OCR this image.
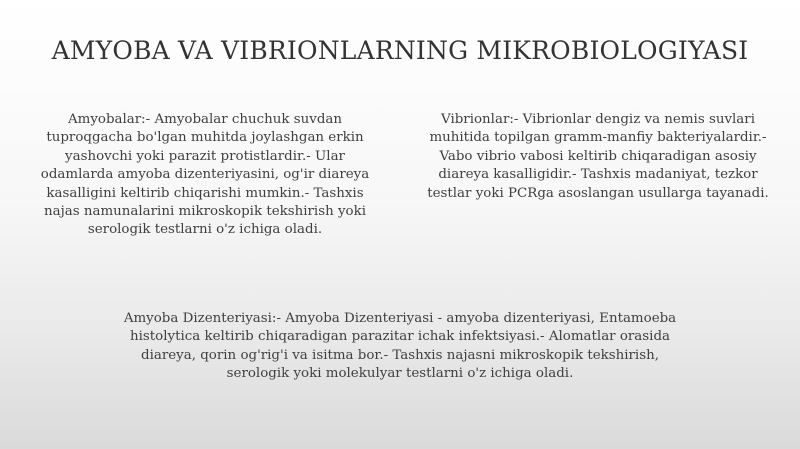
AMYOBA VA VIBRIONLARNING MIKROBIOLOGIYASI
Amyobalar:- Amyobalar chuchuk suvdan tuproqgacha bo'lgan muhitda joylashgan erkin yashovchi yoki parazit protistlardir.- Ular odamlarda amyoba dizenteriyasini, og'ir diareya kasalligini keltirib chiqarishi mumkin.- Tashxis najas namunalarini mikroskopik tekshirish yoki serologik testlarni o'z ichiga oladi.
Vibrionlar:- Vibrionlar dengiz va nemis suvlari muhitida topilgan gramm-manfiy bakteriyalardir.- Vabo vibrio vabosi keltirib chiqaradigan asosiy diareya kasalligidir.- Tashxis madaniyat, tezkor testlar yoki PCRga asoslangan usullarga tayanadi.
Amyoba Dizenteriyasi:- Amyoba Dizenteriyasi - amyoba dizenteriyasi, Entamoeba histolytica keltirib chiqaradigan parazitar ichak infektsiyasi.- Alomatlar orasida diareya, qorin og'rig'i va isitma bor.- Tashxis najasni mikroskopik tekshirish, serologik yoki molekulyar testlarni o'z ichiga oladi.
